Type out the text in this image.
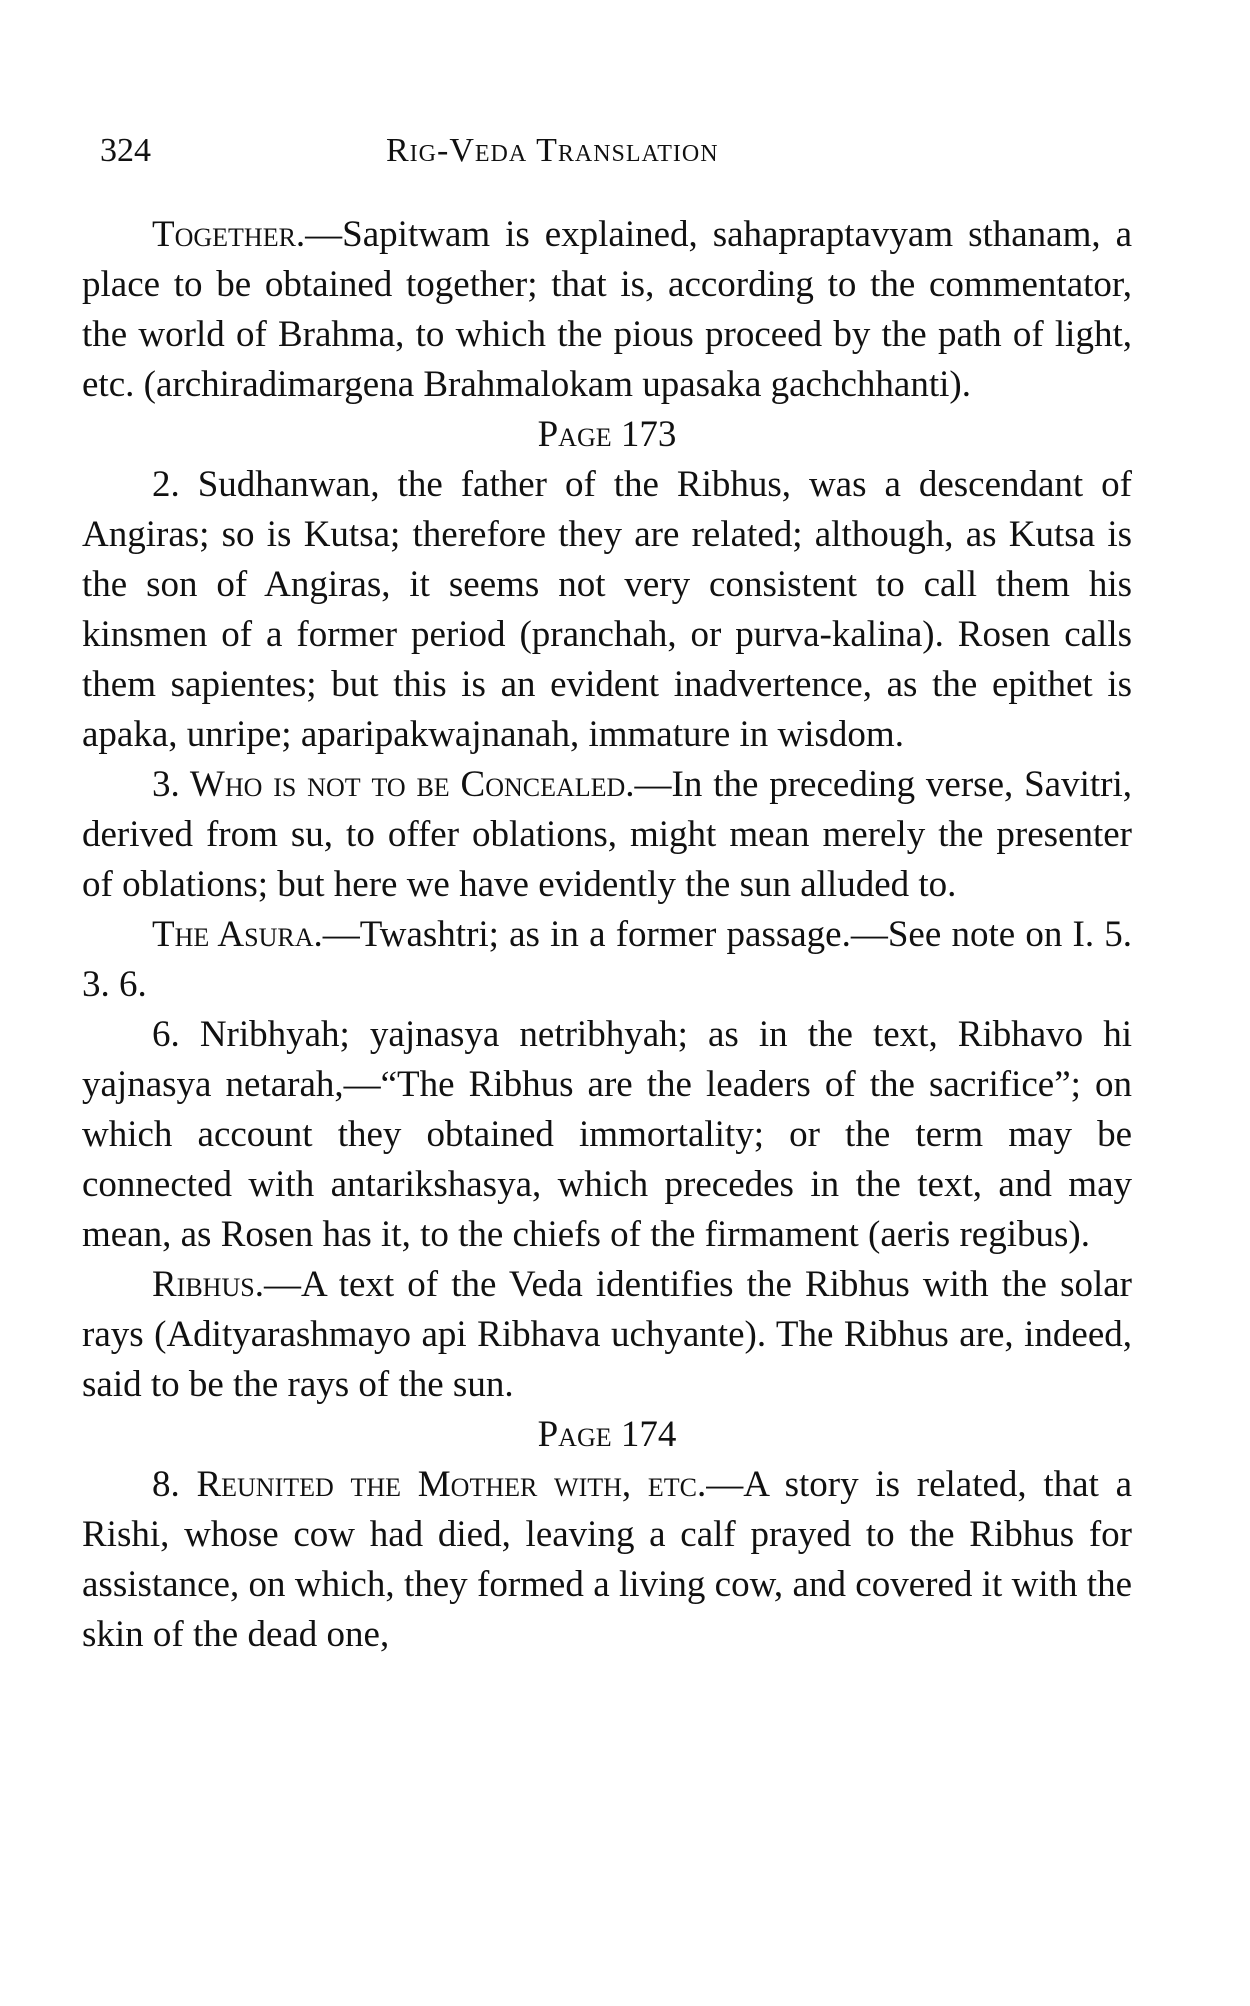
324	Rig-Veda Translation

Together.—Sapitwam is explained, sahapraptavyam sthanam, a place to be obtained together; that is, according to the commentator, the world of Brahma, to which the pious proceed by the path of light, etc. (archiradimargena Brahmalokam upasaka gachchhanti).

Page 173

2. Sudhanwan, the father of the Ribhus, was a descendant of Angiras; so is Kutsa; therefore they are related; although, as Kutsa is the son of Angiras, it seems not very consistent to call them his kinsmen of a former period (pranchah, or purva-kalina). Rosen calls them sapientes; but this is an evident inadvertence, as the epithet is apaka, unripe; aparipakwajnanah, immature in wisdom.

3. Who is not to be Concealed.—In the preceding verse, Savitri, derived from su, to offer oblations, might mean merely the presenter of oblations; but here we have evidently the sun alluded to.

The Asura.—Twashtri; as in a former passage.—See note on I. 5. 3. 6.

6. Nribhyah; yajnasya netribhyah; as in the text, Ribhavo hi yajnasya netarah,—“The Ribhus are the leaders of the sacrifice”; on which account they obtained immortality; or the term may be connected with antarikshasya, which precedes in the text, and may mean, as Rosen has it, to the chiefs of the firmament (aeris regibus).

Ribhus.—A text of the Veda identifies the Ribhus with the solar rays (Adityarashmayo api Ribhava uchyante). The Ribhus are, indeed, said to be the rays of the sun.

Page 174

8. Reunited the Mother with, etc.—A story is related, that a Rishi, whose cow had died, leaving a calf prayed to the Ribhus for assistance, on which, they formed a living cow, and covered it with the skin of the dead one,
